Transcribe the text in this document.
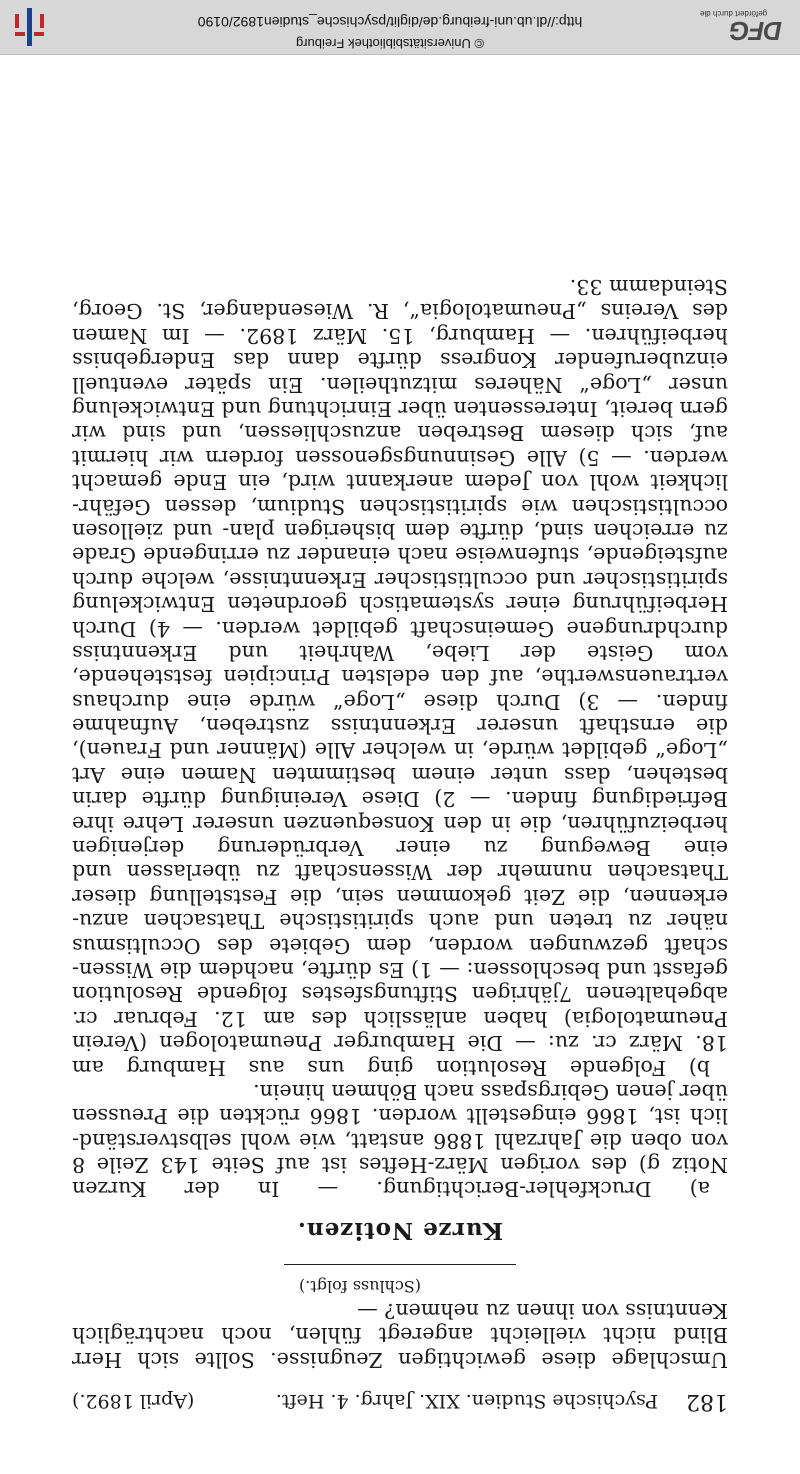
© Universitätsbibliothek Freiburg
http://dl.ub.uni-freiburg.de/diglit/psychische_studien1892/0190	DFG
gefördert durch die
182
Psychische Studien. XIX. Jahrg. 4. Heft.
(April 1892.)
Umschlage diese gewichtigen Zeugnisse. Sollte sich Herr
Blind nicht vielleicht angeregt fühlen, noch nachträglich
Kenntniss von ihnen zu nehmen? —
(Schluss folgt.)
Kurze Notizen.
a) Druckfehler-Berichtigung. — In der Kurzen
Notiz g) des vorigen März-Heftes ist auf Seite 143 Zeile 8
von oben die Jahrzahl 1886 anstatt, wie wohl selbstverständ-
lich ist, 1866 eingestellt worden. 1866 rückten die Preussen
über jenen Gebirgspass nach Böhmen hinein.
b) Folgende Resolution ging uns aus Hamburg am
18. März cr. zu: — Die Hamburger Pneumatologen (Verein
Pneumatologia) haben anlässlich des am 12. Februar cr.
abgehaltenen 7jährigen Stiftungsfestes folgende Resolution
gefasst und beschlossen: — 1) Es dürfte, nachdem die Wissen-
schaft gezwungen worden, dem Gebiete des Occultismus
näher zu treten und auch spiritistische Thatsachen anzu-
erkennen, die Zeit gekommen sein, die Feststellung dieser
Thatsachen nunmehr der Wissenschaft zu überlassen und
eine Bewegung zu einer Verbrüderung derjenigen
herbeizuführen, die in den Konsequenzen unserer Lehre ihre
Befriedigung finden. — 2) Diese Vereinigung dürfte darin
bestehen, dass unter einem bestimmten Namen eine Art
„Loge“ gebildet würde, in welcher Alle (Männer und Frauen),
die ernsthaft unserer Erkenntniss zustreben, Aufnahme
finden. — 3) Durch diese „Loge“ würde eine durchaus
vertrauenswerthe, auf den edelsten Principien feststehende,
vom Geiste der Liebe, Wahrheit und Erkenntniss
durchdrungene Gemeinschaft gebildet werden. — 4) Durch
Herbeiführung einer systematisch geordneten Entwickelung
spiritistischer und occultistischer Erkenntnisse, welche durch
aufsteigende, stufenweise nach einander zu erringende Grade
zu erreichen sind, dürfte dem bisherigen plan- und ziellosen
occultistischen wie spiritistischen Studium, dessen Gefähr-
lichkeit wohl von Jedem anerkannt wird, ein Ende gemacht
werden. — 5) Alle Gesinnungsgenossen fordern wir hiermit
auf, sich diesem Bestreben anzuschliessen, und sind wir
gern bereit, Interessenten über Einrichtung und Entwickelung
unser „Loge“ Näheres mitzutheilen. Ein später eventuell
einzuberufender Kongress dürfte dann das Endergebniss
herbeiführen. — Hamburg, 15. März 1892. — Im Namen
des Vereins „Pneumatologia“, R. Wiesendanger, St. Georg,
Steindamm 33.
